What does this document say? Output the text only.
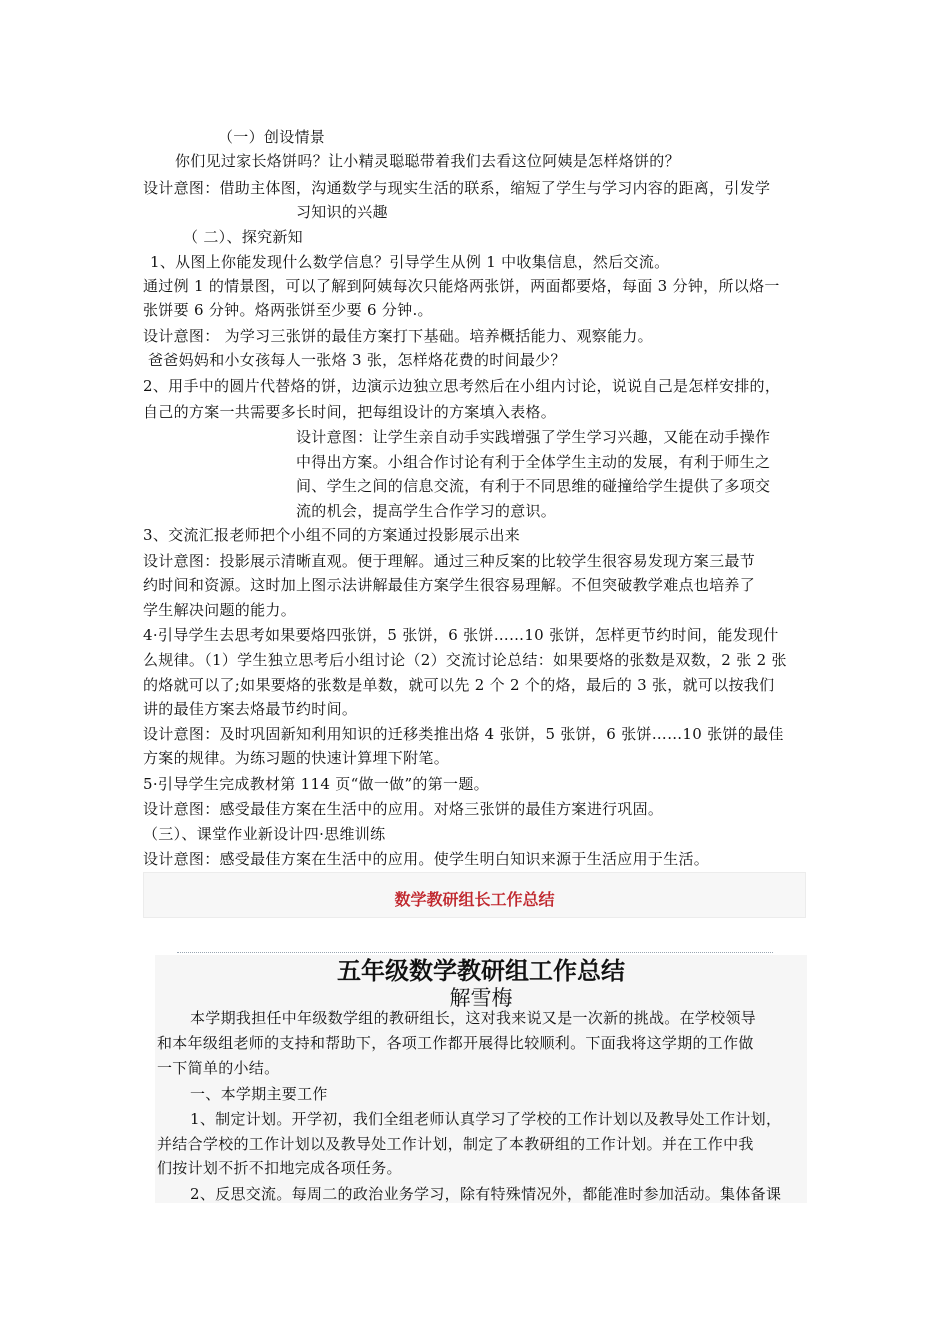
（一）创设情景
你们见过家长烙饼吗？让小精灵聪聪带着我们去看这位阿姨是怎样烙饼的？
设计意图：借助主体图，沟通数学与现实生活的联系，缩短了学生与学习内容的距离，引发学
习知识的兴趣
（ 二）、探究新知
1、从图上你能发现什么数学信息？引导学生从例 1 中收集信息，然后交流。
通过例 1 的情景图，可以了解到阿姨每次只能烙两张饼，两面都要烙，每面 3 分钟，所以烙一
张饼要 6 分钟。烙两张饼至少要 6 分钟.。
设计意图： 为学习三张饼的最佳方案打下基础。培养概括能力、观察能力。
爸爸妈妈和小女孩每人一张烙 3 张，怎样烙花费的时间最少？
2、用手中的圆片代替烙的饼，边演示边独立思考然后在小组内讨论，说说自己是怎样安排的，
自己的方案一共需要多长时间，把每组设计的方案填入表格。
设计意图：让学生亲自动手实践增强了学生学习兴趣，又能在动手操作
中得出方案。小组合作讨论有利于全体学生主动的发展，有利于师生之
间、学生之间的信息交流，有利于不同思维的碰撞给学生提供了多项交
流的机会，提高学生合作学习的意识。
3、交流汇报老师把个小组不同的方案通过投影展示出来
设计意图：投影展示清晰直观。便于理解。通过三种反案的比较学生很容易发现方案三最节
约时间和资源。这时加上图示法讲解最佳方案学生很容易理解。不但突破教学难点也培养了
学生解决问题的能力。
4·引导学生去思考如果要烙四张饼，5 张饼，6 张饼……10 张饼，怎样更节约时间，能发现什
么规律。（1）学生独立思考后小组讨论（2）交流讨论总结：如果要烙的张数是双数，2 张 2 张
的烙就可以了;如果要烙的张数是单数，就可以先 2 个 2 个的烙，最后的 3 张，就可以按我们
讲的最佳方案去烙最节约时间。
设计意图：及时巩固新知利用知识的迁移类推出烙 4 张饼，5 张饼，6 张饼……10 张饼的最佳
方案的规律。为练习题的快速计算埋下附笔。
5·引导学生完成教材第 114 页“做一做”的第一题。
设计意图：感受最佳方案在生活中的应用。对烙三张饼的最佳方案进行巩固。
（三）、课堂作业新设计四·思维训练
设计意图：感受最佳方案在生活中的应用。使学生明白知识来源于生活应用于生活。
数学教研组长工作总结
五年级数学教研组工作总结
解雪梅
本学期我担任中年级数学组的教研组长，这对我来说又是一次新的挑战。在学校领导
和本年级组老师的支持和帮助下，各项工作都开展得比较顺利。下面我将这学期的工作做
一下简单的小结。
一、本学期主要工作
1、制定计划。开学初，我们全组老师认真学习了学校的工作计划以及教导处工作计划，
并结合学校的工作计划以及教导处工作计划，制定了本教研组的工作计划。并在工作中我
们按计划不折不扣地完成各项任务。
2、反思交流。每周二的政治业务学习，除有特殊情况外，都能准时参加活动。集体备课
